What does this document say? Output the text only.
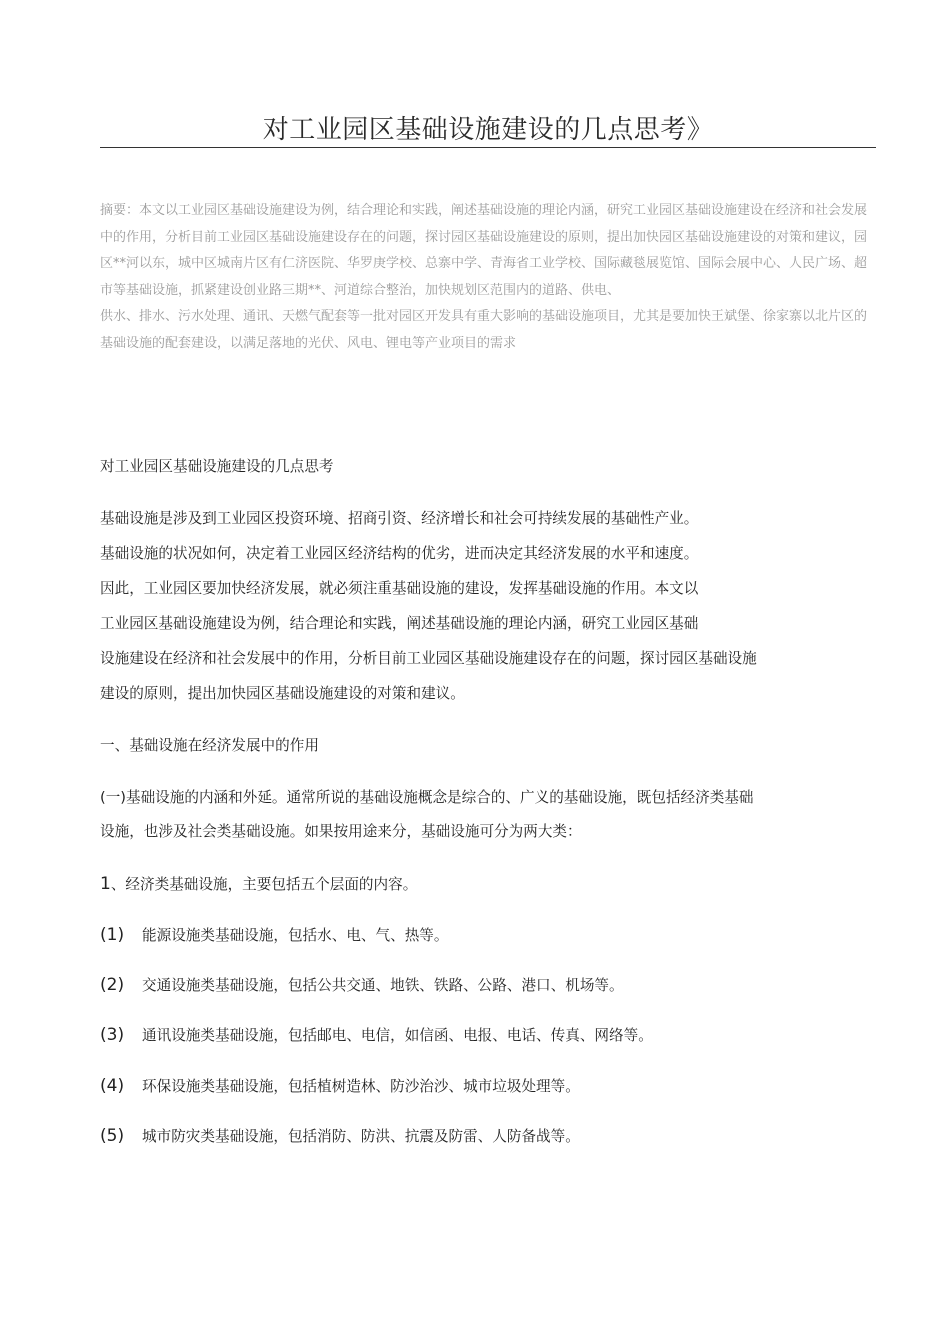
对工业园区基础设施建设的几点思考》

摘要：本文以工业园区基础设施建设为例，结合理论和实践，阐述基础设施的理论内涵，研究工业园区基础设施建设在经济和社会发展中的作用，分析目前工业园区基础设施建设存在的问题，探讨园区基础设施建设的原则，提出加快园区基础设施建设的对策和建议，园区**河以东，城中区城南片区有仁济医院、华罗庚学校、总寨中学、青海省工业学校、国际藏毯展览馆、国际会展中心、人民广场、超市等基础设施，抓紧建设创业路三期**、河道综合整治，加快规划区范围内的道路、供电、

供水、排水、污水处理、通讯、天燃气配套等一批对园区开发具有重大影响的基础设施项目，尤其是要加快王斌堡、徐家寨以北片区的基础设施的配套建设，以满足落地的光伏、风电、锂电等产业项目的需求

对工业园区基础设施建设的几点思考
基础设施是涉及到工业园区投资环境、招商引资、经济增长和社会可持续发展的基础性产业。
基础设施的状况如何，决定着工业园区经济结构的优劣，进而决定其经济发展的水平和速度。
因此，工业园区要加快经济发展，就必须注重基础设施的建设，发挥基础设施的作用。本文以
工业园区基础设施建设为例，结合理论和实践，阐述基础设施的理论内涵，研究工业园区基础
设施建设在经济和社会发展中的作用，分析目前工业园区基础设施建设存在的问题，探讨园区基础设施
建设的原则，提出加快园区基础设施建设的对策和建议。
一、基础设施在经济发展中的作用
(一)基础设施的内涵和外延。通常所说的基础设施概念是综合的、广义的基础设施，既包括经济类基础
设施，也涉及社会类基础设施。如果按用途来分，基础设施可分为两大类：
1、经济类基础设施，主要包括五个层面的内容。
(1) 能源设施类基础设施，包括水、电、气、热等。
(2) 交通设施类基础设施，包括公共交通、地铁、铁路、公路、港口、机场等。
(3) 通讯设施类基础设施，包括邮电、电信，如信函、电报、电话、传真、网络等。
(4) 环保设施类基础设施，包括植树造林、防沙治沙、城市垃圾处理等。
(5) 城市防灾类基础设施，包括消防、防洪、抗震及防雷、人防备战等。
